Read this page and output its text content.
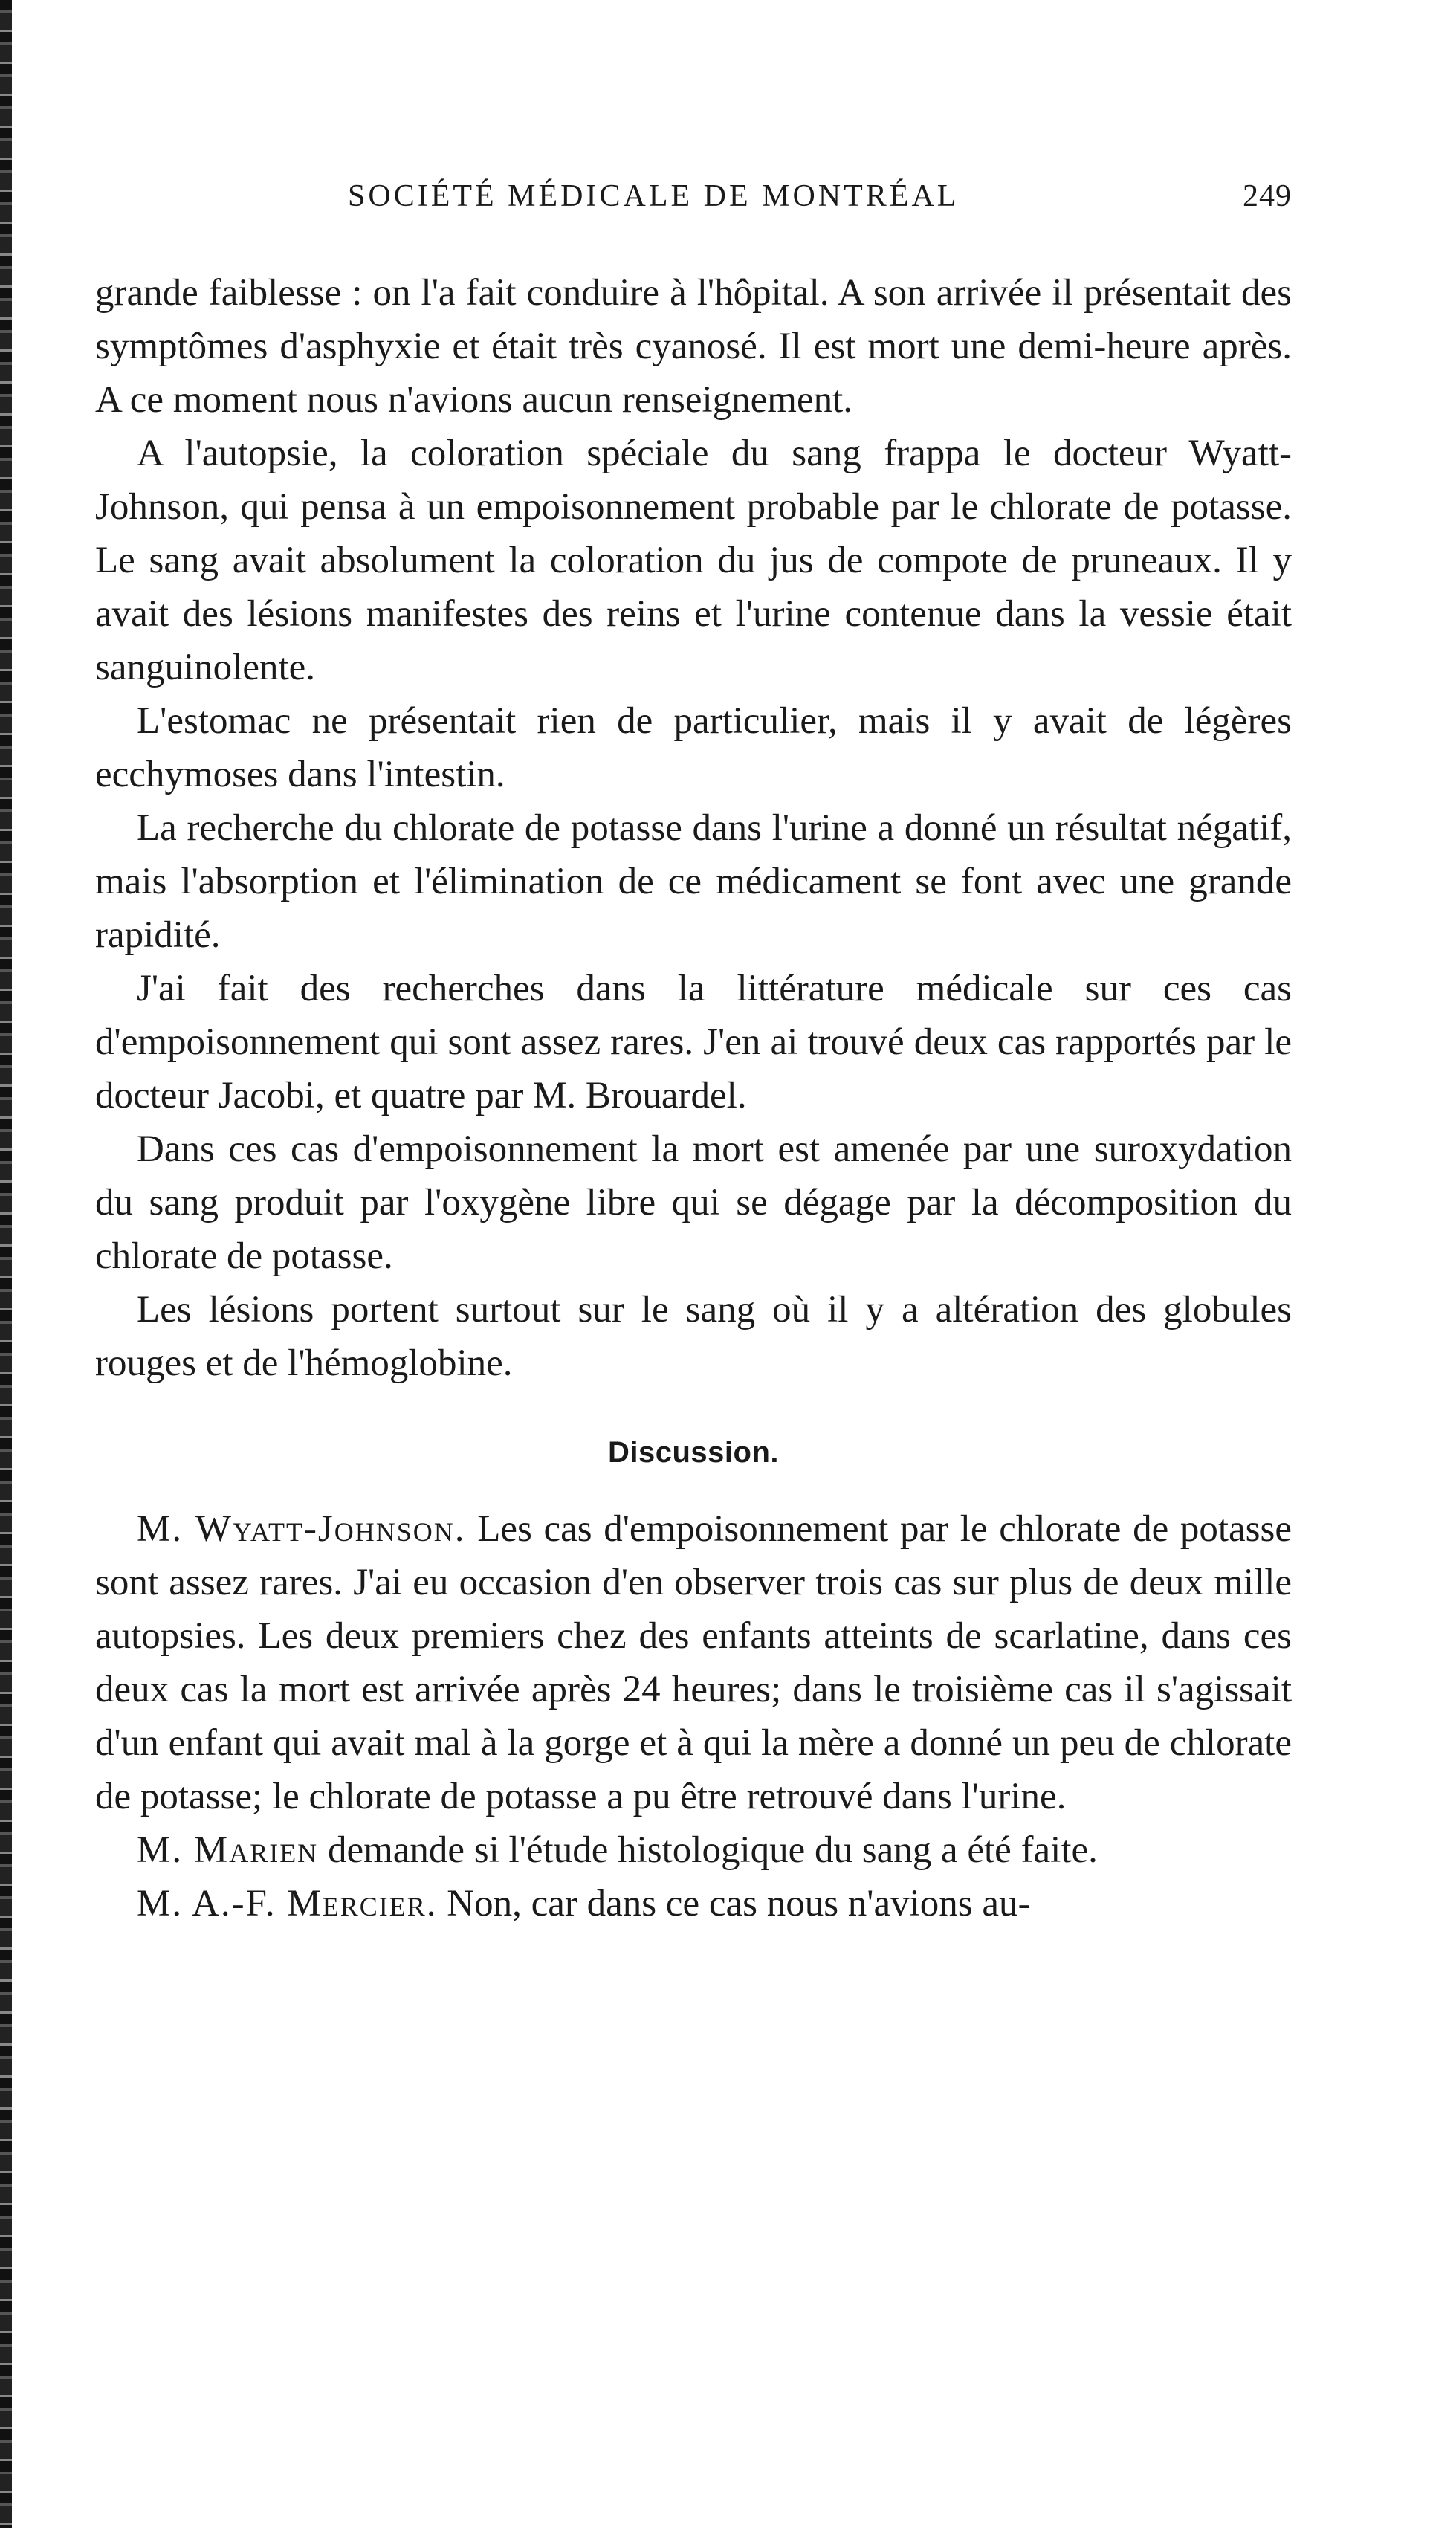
SOCIÉTÉ MÉDICALE DE MONTRÉAL	249

grande faiblesse : on l'a fait conduire à l'hôpital. A son arrivée il présentait des symptômes d'asphyxie et était très cyanosé. Il est mort une demi-heure après. A ce moment nous n'avions aucun renseignement.

A l'autopsie, la coloration spéciale du sang frappa le docteur Wyatt-Johnson, qui pensa à un empoisonnement probable par le chlorate de potasse. Le sang avait absolument la coloration du jus de compote de pruneaux. Il y avait des lésions manifestes des reins et l'urine contenue dans la vessie était sanguinolente.

L'estomac ne présentait rien de particulier, mais il y avait de légères ecchymoses dans l'intestin.

La recherche du chlorate de potasse dans l'urine a donné un résultat négatif, mais l'absorption et l'élimination de ce médicament se font avec une grande rapidité.

J'ai fait des recherches dans la littérature médicale sur ces cas d'empoisonnement qui sont assez rares. J'en ai trouvé deux cas rapportés par le docteur Jacobi, et quatre par M. Brouardel.

Dans ces cas d'empoisonnement la mort est amenée par une suroxydation du sang produit par l'oxygène libre qui se dégage par la décomposition du chlorate de potasse.

Les lésions portent surtout sur le sang où il y a altération des globules rouges et de l'hémoglobine.

Discussion.

M. Wyatt-Johnson. Les cas d'empoisonnement par le chlorate de potasse sont assez rares. J'ai eu occasion d'en observer trois cas sur plus de deux mille autopsies. Les deux premiers chez des enfants atteints de scarlatine, dans ces deux cas la mort est arrivée après 24 heures; dans le troisième cas il s'agissait d'un enfant qui avait mal à la gorge et à qui la mère a donné un peu de chlorate de potasse; le chlorate de potasse a pu être retrouvé dans l'urine.

M. Marien demande si l'étude histologique du sang a été faite.

M. A.-F. Mercier. Non, car dans ce cas nous n'avions au-
